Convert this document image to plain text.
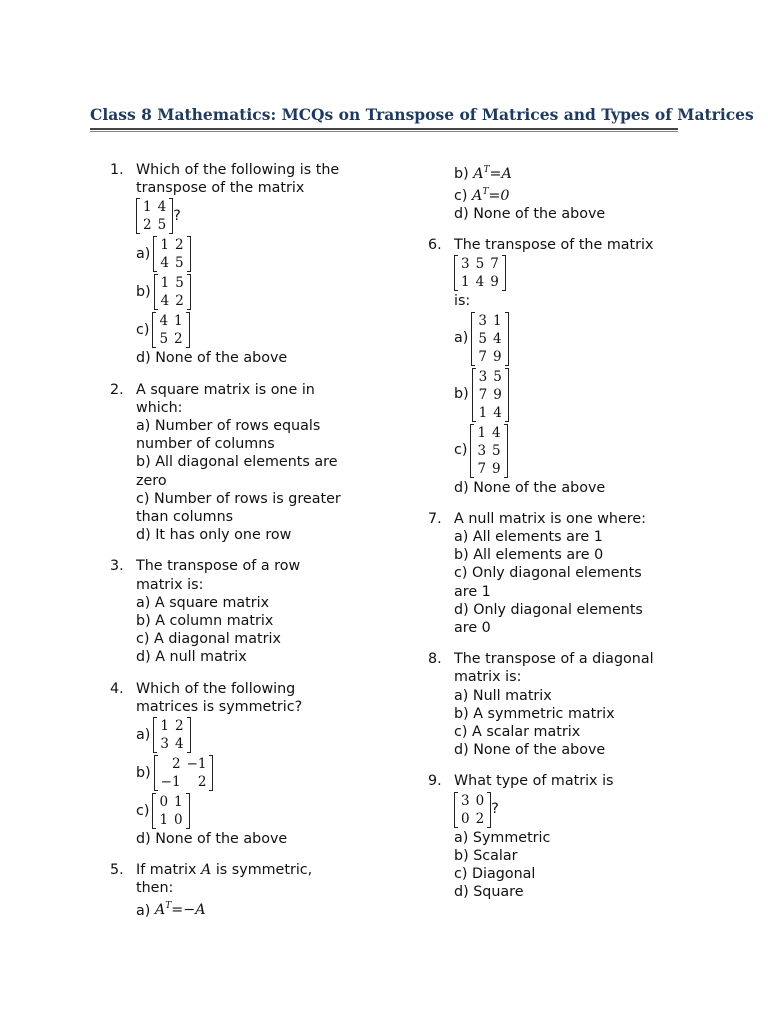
Class 8 Mathematics: MCQs on Transpose of Matrices and Types of Matrices
1. Which of the following is the
transpose of the matrix
1	4
2	5
?
a)
1	2
4	5
b)
1	5
4	2
c)
4	1
5	2
d) None of the above
2. A square matrix is one in
which:
a) Number of rows equals
number of columns
b) All diagonal elements are
zero
c) Number of rows is greater
than columns
d) It has only one row
3. The transpose of a row
matrix is:
a) A square matrix
b) A column matrix
c) A diagonal matrix
d) A null matrix
4. Which of the following
matrices is symmetric?
a)
1	2
3	4
b)
2	−1
−1	2
c)
0	1
1	0
d) None of the above
5. If matrix A is symmetric,
then:
a) $A^T=-A$
b) $A^T=A$
c) $A^T=0$
d) None of the above
6. The transpose of the matrix
3	5	7
1	4	9
is:
a)
3	1
5	4
7	9
b)
3	5
7	9
1	4
c)
1	4
3	5
7	9
d) None of the above
7. A null matrix is one where:
a) All elements are 1
b) All elements are 0
c) Only diagonal elements
are 1
d) Only diagonal elements
are 0
8. The transpose of a diagonal
matrix is:
a) Null matrix
b) A symmetric matrix
c) A scalar matrix
d) None of the above
9. What type of matrix is
3	0
0	2
?
a) Symmetric
b) Scalar
c) Diagonal
d) Square
